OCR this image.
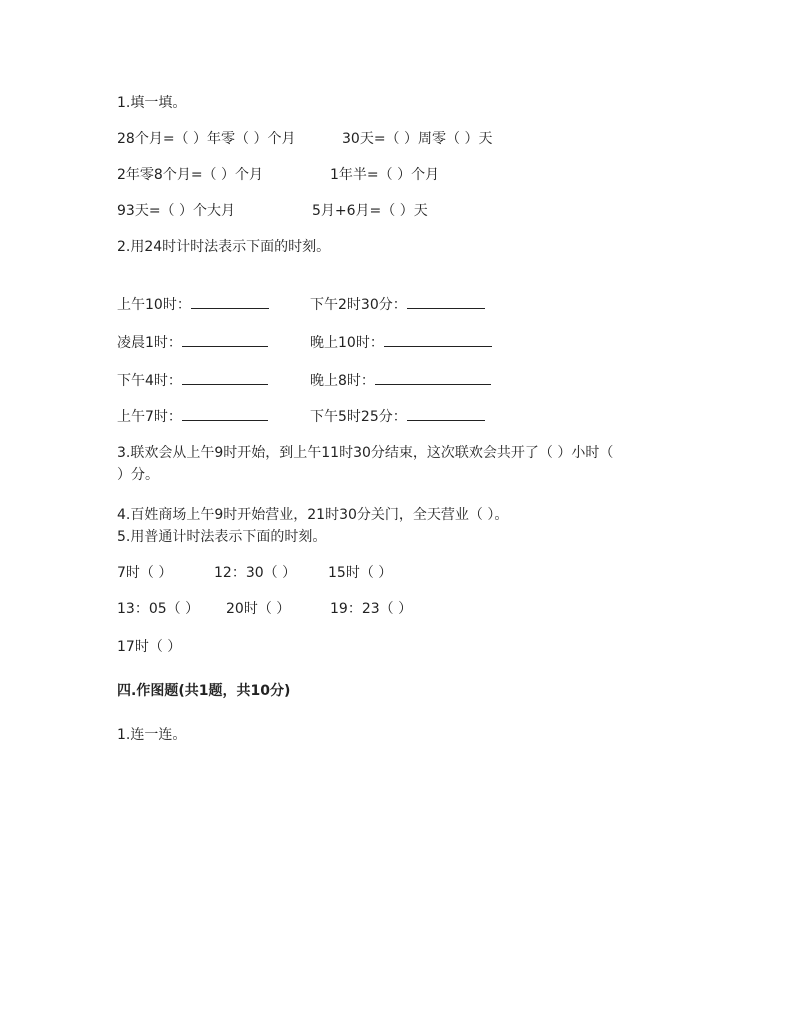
1.填一填。
28个月=（ ）年零（ ）个月	30天=（ ）周零（ ）天
2年零8个月=（ ）个月	1年半=（ ）个月
93天=（ ）个大月	5月+6月=（ ）天
2.用24时计时法表示下面的时刻。
上午10时：	下午2时30分：
凌晨1时：	晚上10时：
下午4时：	晚上8时：
上午7时：	下午5时25分：
3.联欢会从上午9时开始，到上午11时30分结束，这次联欢会共开了（ ）小时（
）分。
4.百姓商场上午9时开始营业，21时30分关门，全天营业（ ）。
5.用普通计时法表示下面的时刻。
7时（ ）	12：30（ ） 15时（ ）
13：05（ ） 20时（ ）	19：23（ ）
17时（ ）
四.作图题(共1题，共10分)
1.连一连。
